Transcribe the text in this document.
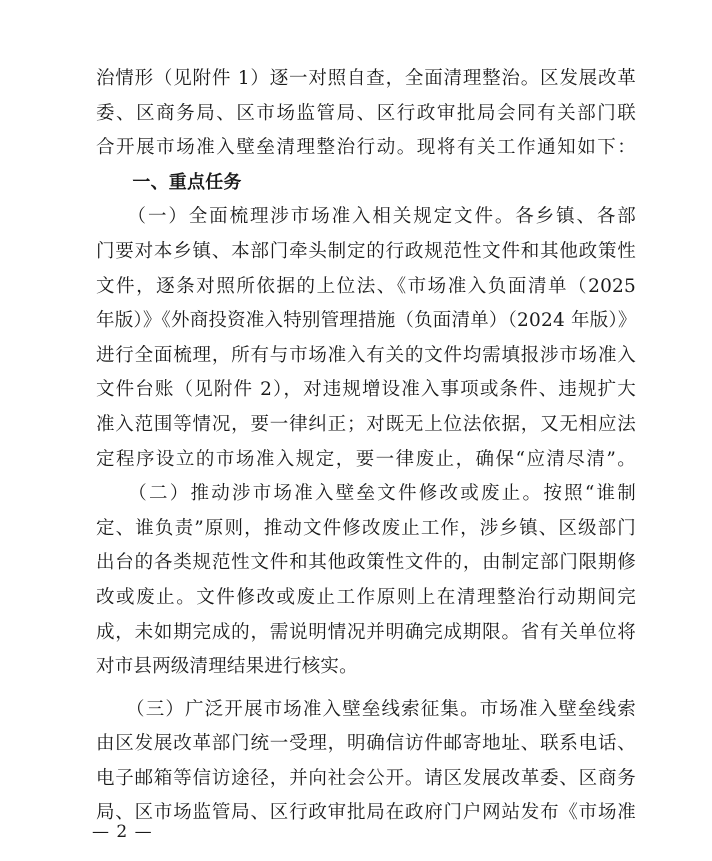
治情形（见附件 1）逐一对照自查，全面清理整治。区发展改革
委、区商务局、区市场监管局、区行政审批局会同有关部门联
合开展市场准入壁垒清理整治行动。现将有关工作通知如下：
　　一、重点任务
　　（一）全面梳理涉市场准入相关规定文件。各乡镇、各部
门要对本乡镇、本部门牵头制定的行政规范性文件和其他政策性
文件，逐条对照所依据的上位法、《市场准入负面清单（2025
年版）》《外商投资准入特别管理措施（负面清单）（2024 年版）》
进行全面梳理，所有与市场准入有关的文件均需填报涉市场准入
文件台账（见附件 2），对违规增设准入事项或条件、违规扩大
准入范围等情况，要一律纠正；对既无上位法依据，又无相应法
定程序设立的市场准入规定，要一律废止，确保“应清尽清”。
　　（二）推动涉市场准入壁垒文件修改或废止。按照“谁制
定、谁负责”原则，推动文件修改废止工作，涉乡镇、区级部门
出台的各类规范性文件和其他政策性文件的，由制定部门限期修
改或废止。文件修改或废止工作原则上在清理整治行动期间完
成，未如期完成的，需说明情况并明确完成期限。省有关单位将
对市县两级清理结果进行核实。
　　（三）广泛开展市场准入壁垒线索征集。市场准入壁垒线索
由区发展改革部门统一受理，明确信访件邮寄地址、联系电话、
电子邮箱等信访途径，并向社会公开。请区发展改革委、区商务
局、区市场监管局、区行政审批局在政府门户网站发布《市场准
— 2 —
